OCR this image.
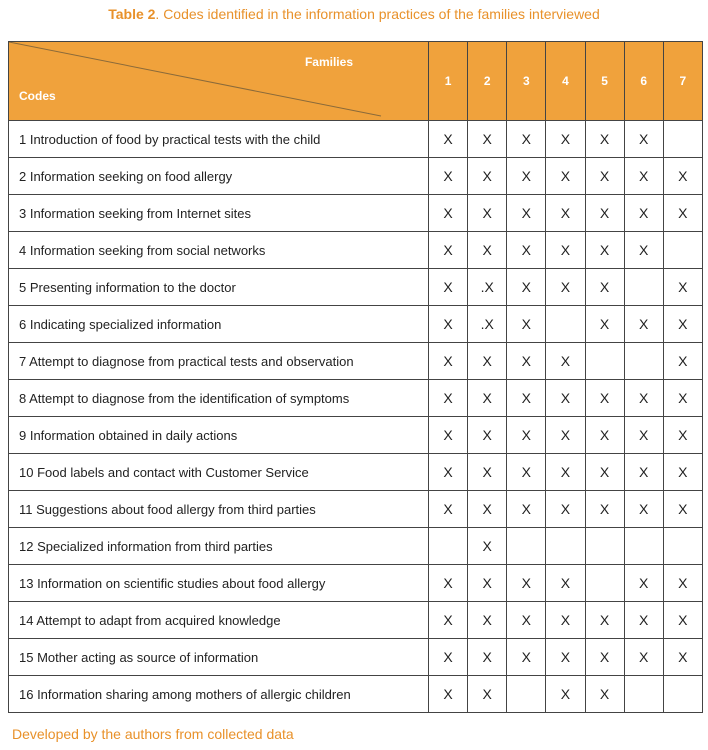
Table 2. Codes identified in the information practices of the families interviewed
Families
Codes	1	2	3	4	5	6	7
1 Introduction of food by practical tests with the child	X	X	X	X	X	X	
2 Information seeking on food allergy	X	X	X	X	X	X	X
3 Information seeking from Internet sites	X	X	X	X	X	X	X
4 Information seeking from social networks	X	X	X	X	X	X	
5 Presenting information to the doctor	X	.X	X	X	X		X
6 Indicating specialized information	X	.X	X		X	X	X
7 Attempt to diagnose from practical tests and observation	X	X	X	X			X
8 Attempt to diagnose from the identification of symptoms	X	X	X	X	X	X	X
9 Information obtained in daily actions	X	X	X	X	X	X	X
10 Food labels and contact with Customer Service	X	X	X	X	X	X	X
11 Suggestions about food allergy from third parties	X	X	X	X	X	X	X
12 Specialized information from third parties		X					
13 Information on scientific studies about food allergy	X	X	X	X		X	X
14 Attempt to adapt from acquired knowledge	X	X	X	X	X	X	X
15 Mother acting as source of information	X	X	X	X	X	X	X
16 Information sharing among mothers of allergic children	X	X		X	X		
Developed by the authors from collected data
